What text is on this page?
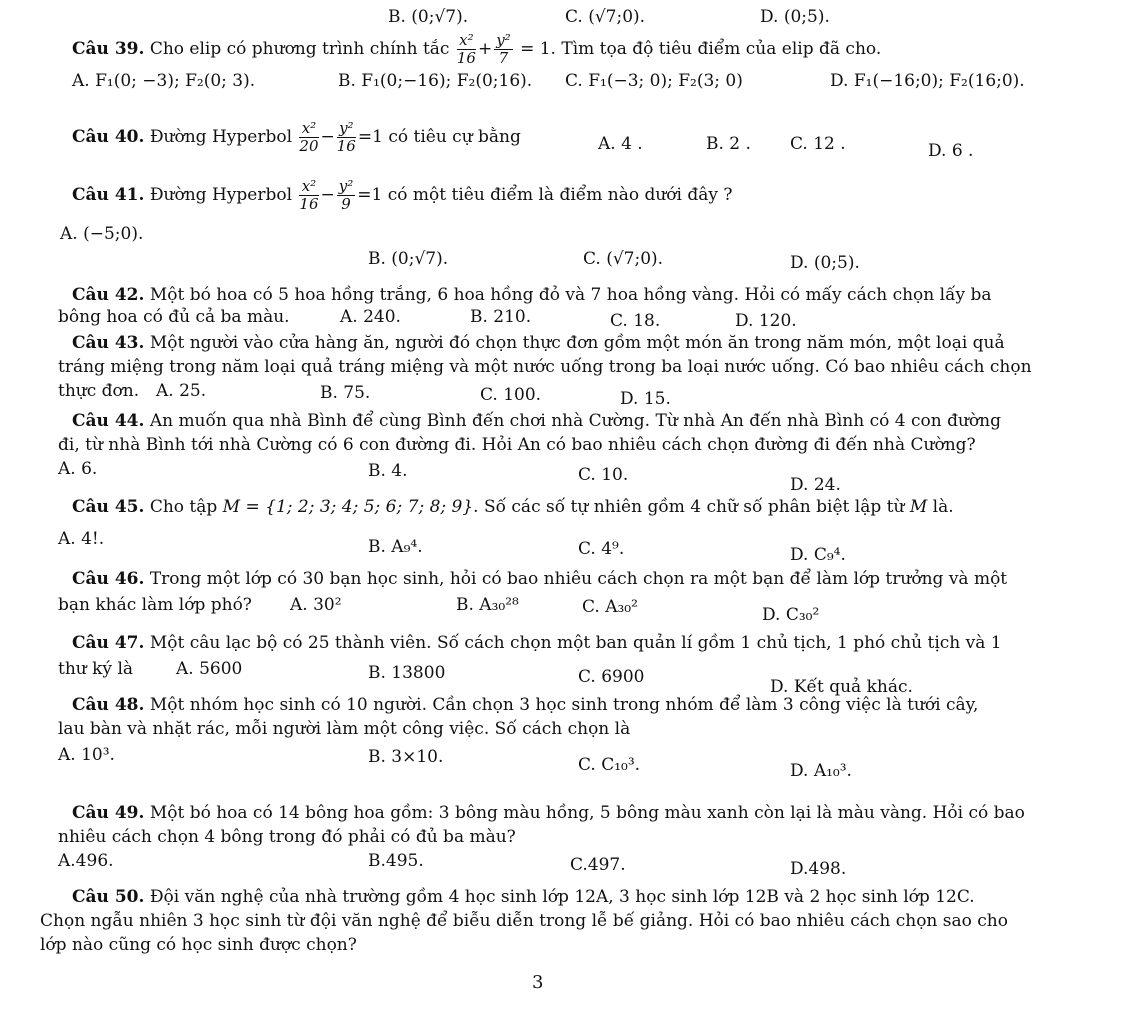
B. (0;√7).	C. (√7;0).	D. (0;5).
Câu 39. Cho elip có phương trình chính tắc $\frac{\text{x²}}{16} + \frac{\text{y²}}{7} = 1$. Tìm tọa độ tiêu điểm của elip đã cho.
A. F₁(0; −3); F₂(0; 3).	B. F₁(0;−16); F₂(0;16). C. F₁(−3; 0); F₂(3; 0)	D. F₁(−16;0); F₂(16;0).
Câu 40. Đường Hyperbol $\frac{\text{x²}}{20} - \frac{\text{y²}}{16} =1$ có tiêu cự bằng	A. 4 .	B. 2 . C. 12 .	D. 6 .
Câu 41. Đường Hyperbol $\frac{\text{x²}}{16} - \frac{\text{y²}}{9} =1$ có một tiêu điểm là điểm nào dưới đây ?
A. (−5;0).
B. (0;√7).	C. (√7;0).	D. (0;5).
Câu 42. Một bó hoa có 5 hoa hồng trắng, 6 hoa hồng đỏ và 7 hoa hồng vàng. Hỏi có mấy cách chọn lấy ba
bông hoa có đủ cả ba màu.	A. 240.	B. 210.	C. 18.	D. 120.
Câu 43. Một người vào cửa hàng ăn, người đó chọn thực đơn gồm một món ăn trong năm món, một loại quả
tráng miệng trong năm loại quả tráng miệng và một nước uống trong ba loại nước uống. Có bao nhiêu cách chọn
thực đơn. A. 25.	B. 75.	C. 100.	D. 15.
Câu 44. An muốn qua nhà Bình để cùng Bình đến chơi nhà Cường. Từ nhà An đến nhà Bình có 4 con đường
đi, từ nhà Bình tới nhà Cường có 6 con đường đi. Hỏi An có bao nhiêu cách chọn đường đi đến nhà Cường?
A. 6.	B. 4.	C. 10.	D. 24.
Câu 45. Cho tập M = {1; 2; 3; 4; 5; 6; 7; 8; 9}. Số các số tự nhiên gồm 4 chữ số phân biệt lập từ M là.
A. 4!.	B. A₉⁴.	C. 4⁹.	D. C₉⁴.
Câu 46. Trong một lớp có 30 bạn học sinh, hỏi có bao nhiêu cách chọn ra một bạn để làm lớp trưởng và một
bạn khác làm lớp phó? A. 30²	B. A₃₀²⁸	C. A₃₀²	D. C₃₀²
Câu 47. Một câu lạc bộ có 25 thành viên. Số cách chọn một ban quản lí gồm 1 chủ tịch, 1 phó chủ tịch và 1
thư ký là	A. 5600	B. 13800	C. 6900	D. Kết quả khác.
Câu 48. Một nhóm học sinh có 10 người. Cần chọn 3 học sinh trong nhóm để làm 3 công việc là tưới cây,
lau bàn và nhặt rác, mỗi người làm một công việc. Số cách chọn là
A. 10³.	B. 3×10.	C. C₁₀³.	D. A₁₀³.
Câu 49. Một bó hoa có 14 bông hoa gồm: 3 bông màu hồng, 5 bông màu xanh còn lại là màu vàng. Hỏi có bao
nhiêu cách chọn 4 bông trong đó phải có đủ ba màu?
A.496.	B.495.	C.497.	D.498.
Câu 50. Đội văn nghệ của nhà trường gồm 4 học sinh lớp 12A, 3 học sinh lớp 12B và 2 học sinh lớp 12C.
Chọn ngẫu nhiên 3 học sinh từ đội văn nghệ để biễu diễn trong lễ bế giảng. Hỏi có bao nhiêu cách chọn sao cho
lớp nào cũng có học sinh được chọn?
3
